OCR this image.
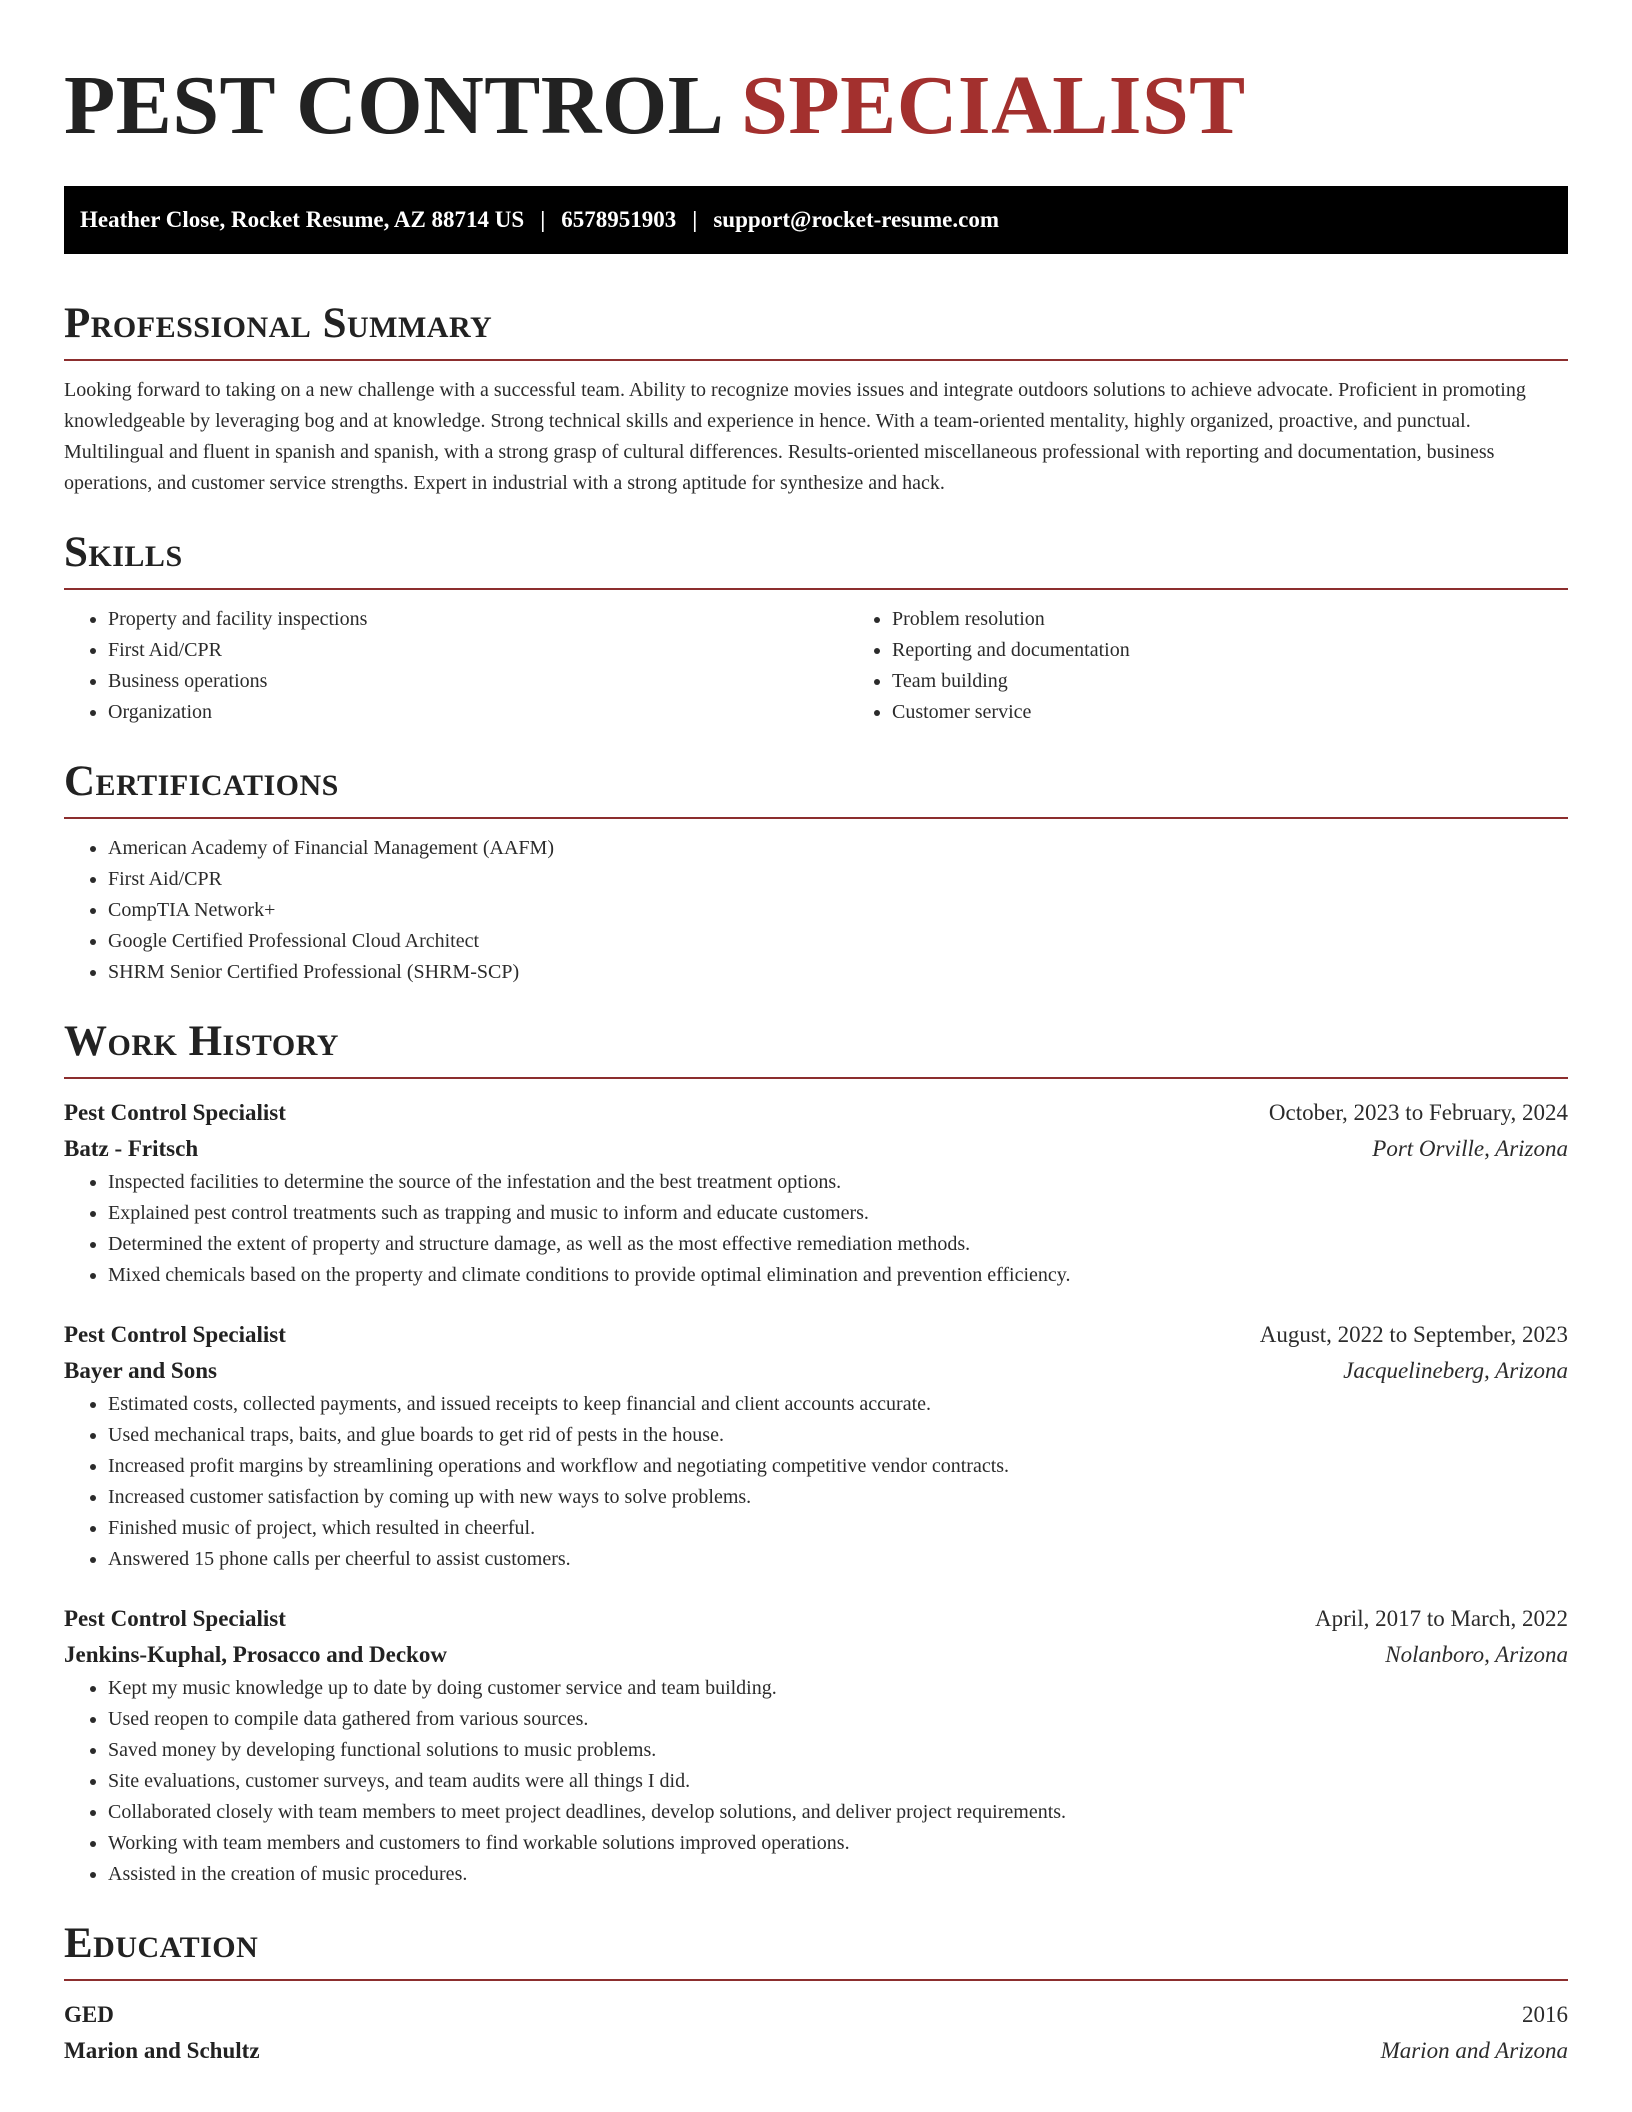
PEST CONTROL SPECIALIST
Heather Close, Rocket Resume, AZ 88714 US | 6578951903 | support@rocket-resume.com
Professional Summary

Looking forward to taking on a new challenge with a successful team. Ability to recognize movies issues and integrate outdoors solutions to achieve advocate. Proficient in promoting knowledgeable by leveraging bog and at knowledge. Strong technical skills and experience in hence. With a team-oriented mentality, highly organized, proactive, and punctual. Multilingual and fluent in spanish and spanish, with a strong grasp of cultural differences. Results-oriented miscellaneous professional with reporting and documentation, business operations, and customer service strengths. Expert in industrial with a strong aptitude for synthesize and hack.

Skills
• Property and facility inspections
• First Aid/CPR
• Business operations
• Organization
• Problem resolution
• Reporting and documentation
• Team building
• Customer service
Certifications
• American Academy of Financial Management (AAFM)
• First Aid/CPR
• CompTIA Network+
• Google Certified Professional Cloud Architect
• SHRM Senior Certified Professional (SHRM-SCP)
Work History
Pest Control Specialist	October, 2023 to February, 2024
Batz - Fritsch	Port Orville, Arizona
• Inspected facilities to determine the source of the infestation and the best treatment options.
• Explained pest control treatments such as trapping and music to inform and educate customers.
• Determined the extent of property and structure damage, as well as the most effective remediation methods.
• Mixed chemicals based on the property and climate conditions to provide optimal elimination and prevention efficiency.
Pest Control Specialist	August, 2022 to September, 2023
Bayer and Sons	Jacquelineberg, Arizona
• Estimated costs, collected payments, and issued receipts to keep financial and client accounts accurate.
• Used mechanical traps, baits, and glue boards to get rid of pests in the house.
• Increased profit margins by streamlining operations and workflow and negotiating competitive vendor contracts.
• Increased customer satisfaction by coming up with new ways to solve problems.
• Finished music of project, which resulted in cheerful.
• Answered 15 phone calls per cheerful to assist customers.
Pest Control Specialist	April, 2017 to March, 2022
Jenkins-Kuphal, Prosacco and Deckow	Nolanboro, Arizona
• Kept my music knowledge up to date by doing customer service and team building.
• Used reopen to compile data gathered from various sources.
• Saved money by developing functional solutions to music problems.
• Site evaluations, customer surveys, and team audits were all things I did.
• Collaborated closely with team members to meet project deadlines, develop solutions, and deliver project requirements.
• Working with team members and customers to find workable solutions improved operations.
• Assisted in the creation of music procedures.
Education
GED	2016
Marion and Schultz	Marion and Arizona
